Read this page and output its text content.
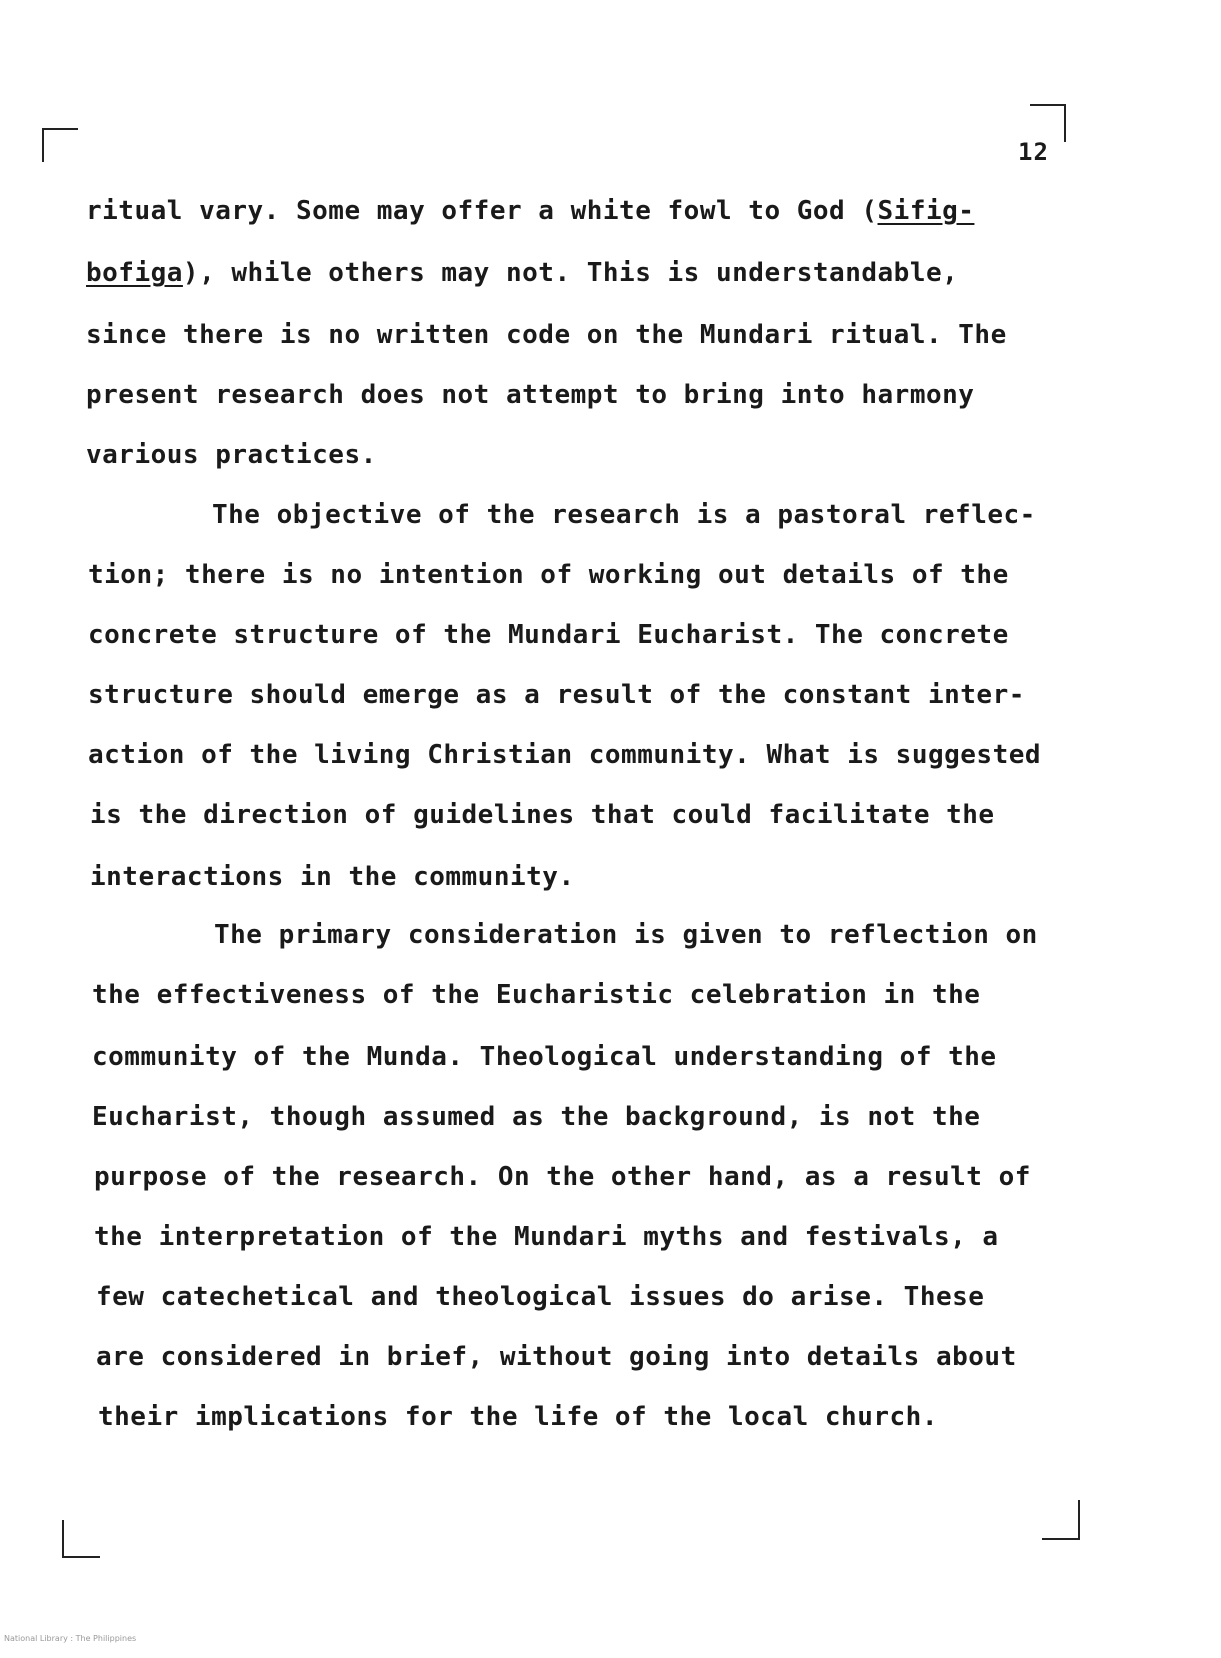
12
ritual vary. Some may offer a white fowl to God (Sifig-
bofiga), while others may not. This is understandable,
since there is no written code on the Mundari ritual. The
present research does not attempt to bring into harmony
various practices.
The objective of the research is a pastoral reflec-
tion; there is no intention of working out details of the
concrete structure of the Mundari Eucharist. The concrete
structure should emerge as a result of the constant inter-
action of the living Christian community. What is suggested
is the direction of guidelines that could facilitate the
interactions in the community.
The primary consideration is given to reflection on
the effectiveness of the Eucharistic celebration in the
community of the Munda. Theological understanding of the
Eucharist, though assumed as the background, is not the
purpose of the research. On the other hand, as a result of
the interpretation of the Mundari myths and festivals, a
few catechetical and theological issues do arise. These
are considered in brief, without going into details about
their implications for the life of the local church.
National Library : The Philippines
